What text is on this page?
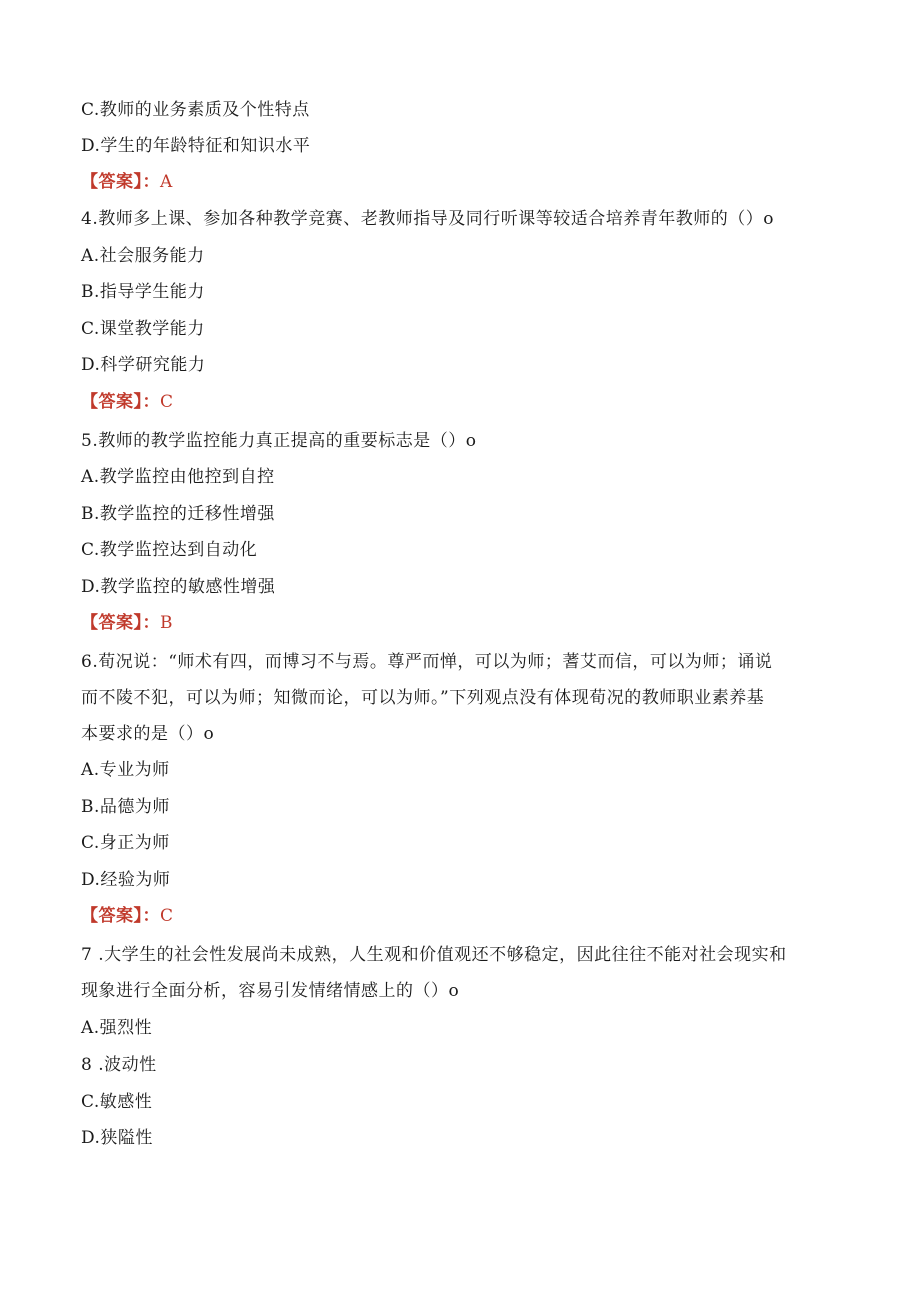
C.教师的业务素质及个性特点
D.学生的年龄特征和知识水平
【答案】：A
4.教师多上课、参加各种教学竞赛、老教师指导及同行听课等较适合培养青年教师的（）o
A.社会服务能力
B.指导学生能力
C.课堂教学能力
D.科学研究能力
【答案】：C
5.教师的教学监控能力真正提高的重要标志是（）o
A.教学监控由他控到自控
B.教学监控的迁移性增强
C.教学监控达到自动化
D.教学监控的敏感性增强
【答案】：B
6.荀况说：“师术有四，而博习不与焉。尊严而惮，可以为师；蓍艾而信，可以为师；诵说
而不陵不犯，可以为师；知微而论，可以为师。”下列观点没有体现荀况的教师职业素养基
本要求的是（）o
A.专业为师
B.品德为师
C.身正为师
D.经验为师
【答案】：C
7 .大学生的社会性发展尚未成熟，人生观和价值观还不够稳定，因此往往不能对社会现实和
现象进行全面分析，容易引发情绪情感上的（）o
A.强烈性
8 .波动性
C.敏感性
D.狭隘性
